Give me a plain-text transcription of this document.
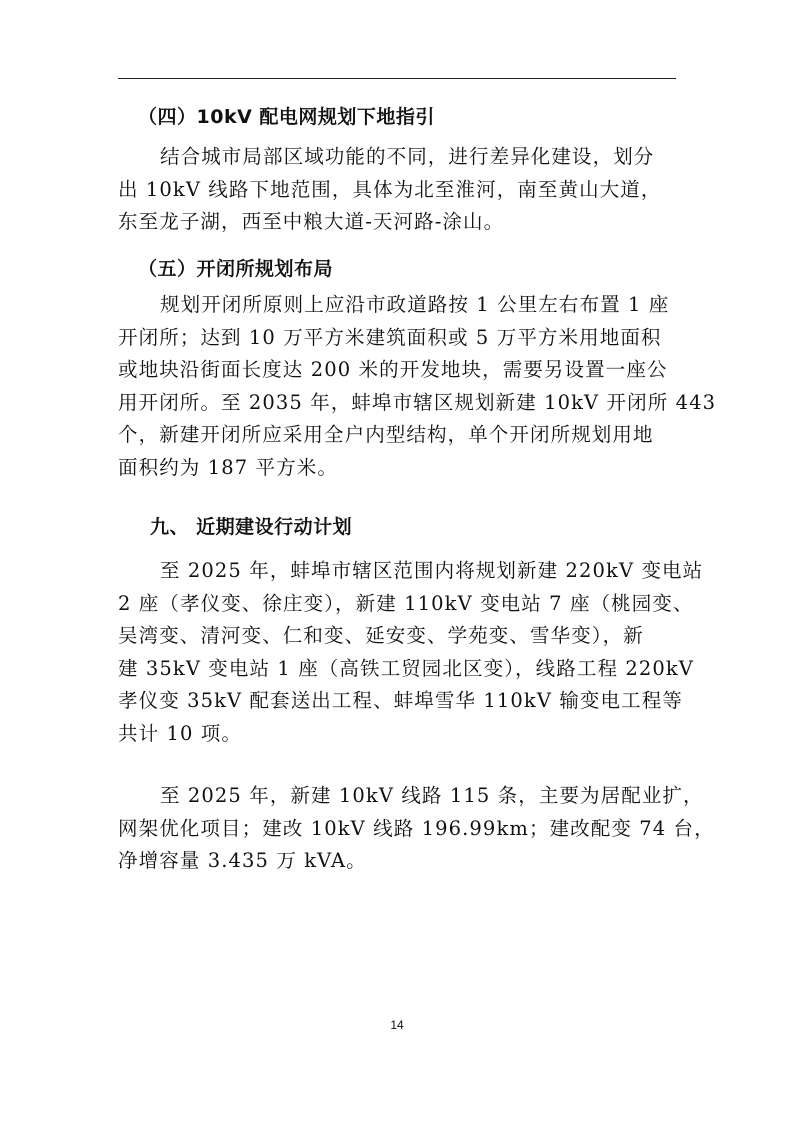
（四）10kV 配电网规划下地指引
结合城市局部区域功能的不同，进行差异化建设，划分
出 10kV 线路下地范围，具体为北至淮河，南至黄山大道，
东至龙子湖，西至中粮大道-天河路-涂山。
（五）开闭所规划布局
规划开闭所原则上应沿市政道路按 1 公里左右布置 1 座
开闭所；达到 10 万平方米建筑面积或 5 万平方米用地面积
或地块沿街面长度达 200 米的开发地块，需要另设置一座公
用开闭所。至 2035 年，蚌埠市辖区规划新建 10kV 开闭所 443
个，新建开闭所应采用全户内型结构，单个开闭所规划用地
面积约为 187 平方米。
九、 近期建设行动计划
至 2025 年，蚌埠市辖区范围内将规划新建 220kV 变电站
2 座（孝仪变、徐庄变），新建 110kV 变电站 7 座（桃园变、
吴湾变、清河变、仁和变、延安变、学苑变、雪华变），新
建 35kV 变电站 1 座（高铁工贸园北区变），线路工程 220kV
孝仪变 35kV 配套送出工程、蚌埠雪华 110kV 输变电工程等
共计 10 项。
至 2025 年，新建 10kV 线路 115 条，主要为居配业扩，
网架优化项目；建改 10kV 线路 196.99km；建改配变 74 台，
净增容量 3.435 万 kVA。
14
